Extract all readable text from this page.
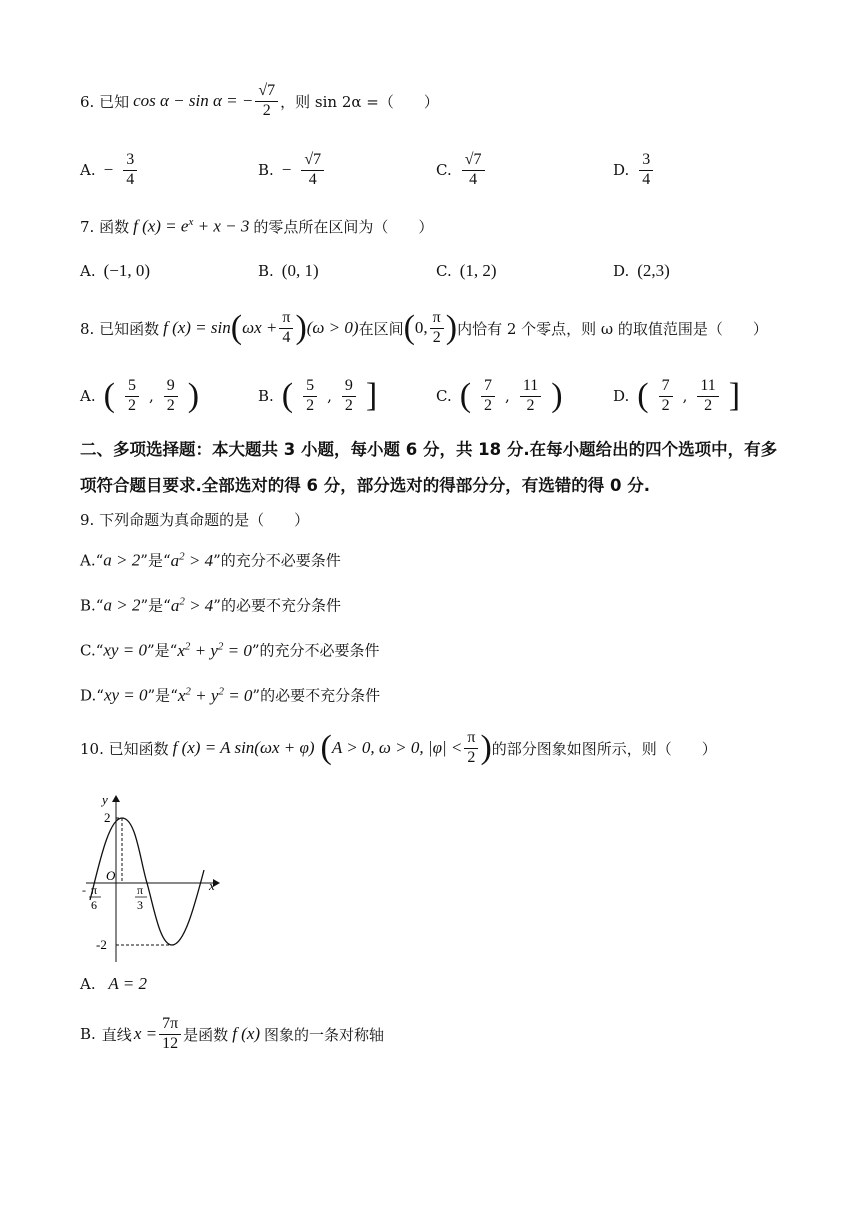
6. 已知 cos α − sin α = − $\frac{√7}{2}$ ，则 sin 2α =（　　）
A. − $\frac{3}{4}$	B. − $\frac{√7}{4}$	C. $\frac{√7}{4}$	D. $\frac{3}{4}$
7. 函数 f $(x) = e^x + x - 3$ 的零点所在区间为（　　）
A. (−1, 0)	B. (0, 1)	C. (1, 2)	D. (2,3)
8. 已知函数 f (x) = sin ( $\omega x + \frac{\pi}{4}$ ) (ω > 0) 在区间 ( 0, $\frac{\pi}{2}$ ) 内恰有 2 个零点，则 ω 的取值范围是（　　）
A. ( $\frac{5}{2}$ , $\frac{9}{2}$ )	B. ( $\frac{5}{2}$ , $\frac{9}{2}$ ]	C. ( $\frac{7}{2}$ , $\frac{11}{2}$ )	D. ( $\frac{7}{2}$ , $\frac{11}{2}$ ]
二、多项选择题：本大题共 3 小题，每小题 6 分，共 18 分.在每小题给出的四个选项中，有多
项符合题目要求.全部选对的得 6 分，部分选对的得部分分，有选错的得 0 分.
9. 下列命题为真命题的是（　　）
A.“a > 2”是“$a^2 > 4$”的充分不必要条件
B.“a > 2”是“$a^2 > 4$”的必要不充分条件
C.“xy = 0”是“$x^2 + y^2 = 0$”的充分不必要条件
D.“xy = 0”是“$x^2 + y^2 = 0$”的必要不充分条件
10. 已知函数 f (x) = A sin(ωx + φ) ( A > 0, ω > 0, $|\varphi| < \frac{\pi}{2}$ ) 的部分图象如图所示，则（　　）
y
x
2
O
-2
- π
6
π
3
A. A = 2
B. 直线 $x = \frac{7\pi}{12}$ 是函数 f (x) 图象的一条对称轴
